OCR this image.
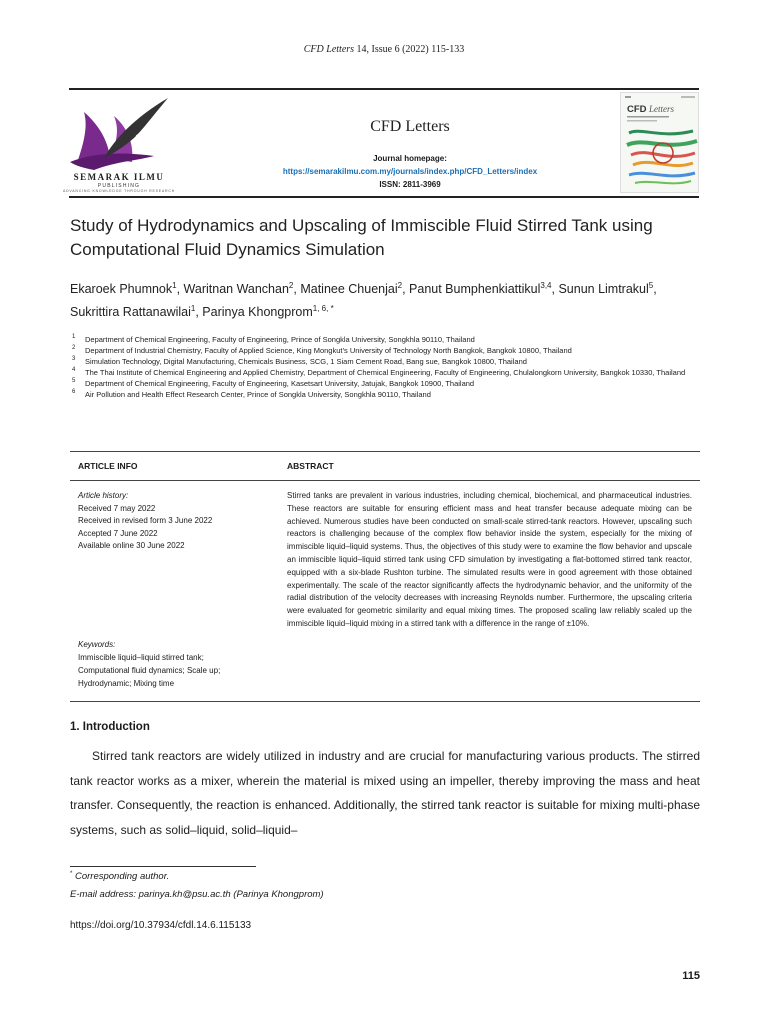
CFD Letters 14, Issue 6 (2022) 115-133
SEMARAK ILMU
PUBLISHING
ADVANCING KNOWLEDGE THROUGH RESEARCH
CFD Letters
Journal homepage:
https://semarakilmu.com.my/journals/index.php/CFD_Letters/index
ISSN: 2811-3969
CFD Letters
Study of Hydrodynamics and Upscaling of Immiscible Fluid Stirred Tank using Computational Fluid Dynamics Simulation
Ekaroek Phumnok$^1$, Waritnan Wanchan$^2$, Matinee Chuenjai$^2$, Panut Bumphenkiattikul$^{3,4}$, Sunun Limtrakul$^5$, Sukrittira Rattanawilai$^1$, Parinya Khongprom$^{1, 6, *}$
1 Department of Chemical Engineering, Faculty of Engineering, Prince of Songkla University, Songkhla 90110, Thailand
2 Department of Industrial Chemistry, Faculty of Applied Science, King Mongkut’s University of Technology North Bangkok, Bangkok 10800, Thailand
3 Simulation Technology, Digital Manufacturing, Chemicals Business, SCG, 1 Siam Cement Road, Bang sue, Bangkok 10800, Thailand
4 The Thai Institute of Chemical Engineering and Applied Chemistry, Department of Chemical Engineering, Faculty of Engineering, Chulalongkorn University, Bangkok 10330, Thailand
5 Department of Chemical Engineering, Faculty of Engineering, Kasetsart University, Jatujak, Bangkok 10900, Thailand
6 Air Pollution and Health Effect Research Center, Prince of Songkla University, Songkhla 90110, Thailand
ARTICLE INFO	ABSTRACT
Article history:
Received 7 may 2022
Received in revised form 3 June 2022
Accepted 7 June 2022
Available online 30 June 2022
Keywords:
Immiscible liquid–liquid stirred tank;
Computational fluid dynamics; Scale up;
Hydrodynamic; Mixing time
Stirred tanks are prevalent in various industries, including chemical, biochemical, and pharmaceutical industries. These reactors are suitable for ensuring efficient mass and heat transfer because adequate mixing can be achieved. Numerous studies have been conducted on small-scale stirred-tank reactors. However, upscaling such reactors is challenging because of the complex flow behavior inside the system, especially for the mixing of immiscible liquid–liquid systems. Thus, the objectives of this study were to examine the flow behavior and upscale an immiscible liquid–liquid stirred tank using CFD simulation by investigating a flat-bottomed stirred tank reactor, equipped with a six-blade Rushton turbine. The simulated results were in good agreement with those obtained experimentally. The scale of the reactor significantly affects the hydrodynamic behavior, and the uniformity of the radial distribution of the velocity decreases with increasing Reynolds number. Furthermore, the upscaling criteria were evaluated for geometric similarity and equal mixing times. The proposed scaling law reliably scaled up the immiscible liquid–liquid mixing in a stirred tank with a difference in the range of ±10%.
1. Introduction
Stirred tank reactors are widely utilized in industry and are crucial for manufacturing various products. The stirred tank reactor works as a mixer, wherein the material is mixed using an impeller, thereby improving the mass and heat transfer. Consequently, the reaction is enhanced. Additionally, the stirred tank reactor is suitable for mixing multi-phase systems, such as solid–liquid, solid–liquid–
* Corresponding author.
E-mail address: parinya.kh@psu.ac.th (Parinya Khongprom)
https://doi.org/10.37934/cfdl.14.6.115133
115
